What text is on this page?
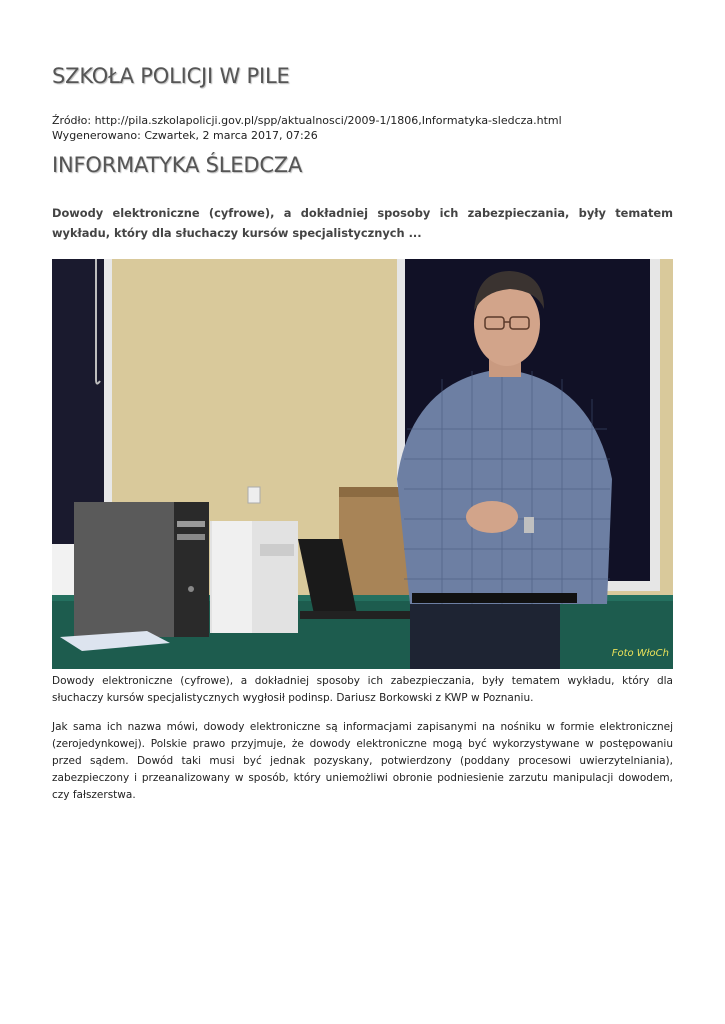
SZKOŁA POLICJI W PILE
Źródło: http://pila.szkolapolicji.gov.pl/spp/aktualnosci/2009-1/1806,Informatyka-sledcza.html
Wygenerowano: Czwartek, 2 marca 2017, 07:26
INFORMATYKA ŚLEDCZA

Dowody elektroniczne (cyfrowe), a dokładniej sposoby ich zabezpieczania, były tematem wykładu, który dla słuchaczy kursów specjalistycznych ...

Foto WłoCh

Dowody elektroniczne (cyfrowe), a dokładniej sposoby ich zabezpieczania, były tematem wykładu, który dla słuchaczy kursów specjalistycznych wygłosił podinsp. Dariusz Borkowski z KWP w Poznaniu.

Jak sama ich nazwa mówi, dowody elektroniczne są informacjami zapisanymi na nośniku w formie elektronicznej (zerojedynkowej). Polskie prawo przyjmuje, że dowody elektroniczne mogą być wykorzystywane w postępowaniu przed sądem. Dowód taki musi być jednak pozyskany, potwierdzony (poddany procesowi uwierzytelniania), zabezpieczony i przeanalizowany w sposób, który uniemożliwi obronie podniesienie zarzutu manipulacji dowodem, czy fałszerstwa.
